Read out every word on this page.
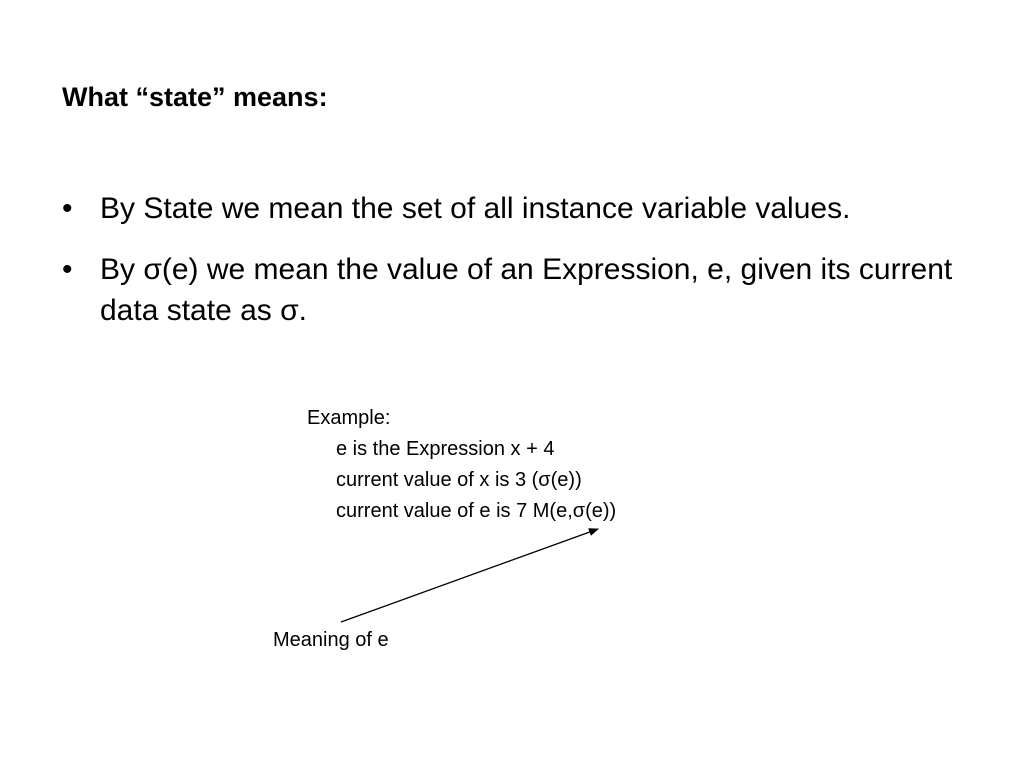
What “state” means:
• By State we mean the set of all instance variable values.
• By σ(e) we mean the value of an Expression, e, given its current data state as σ.
Example:
e is the Expression x + 4
current value of x is 3 (σ(e))
current value of e is 7 M(e,σ(e))
Meaning of e
